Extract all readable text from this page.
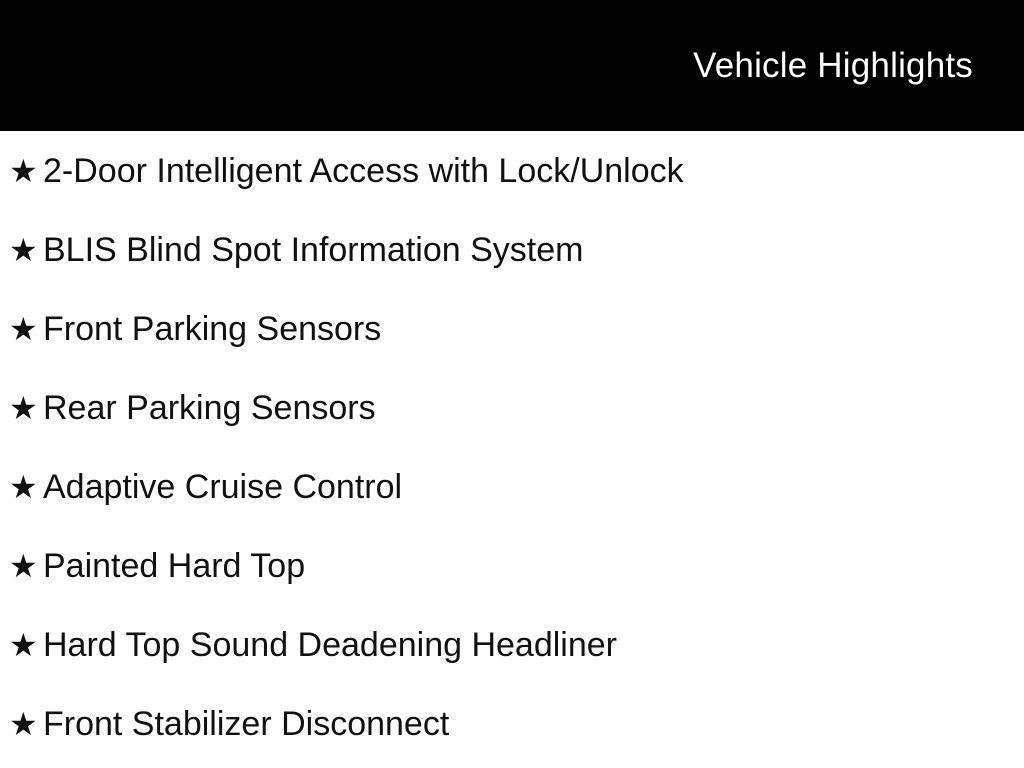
Vehicle Highlights
★ 2-Door Intelligent Access with Lock/Unlock
★ BLIS Blind Spot Information System
★ Front Parking Sensors
★ Rear Parking Sensors
★ Adaptive Cruise Control
★ Painted Hard Top
★ Hard Top Sound Deadening Headliner
★ Front Stabilizer Disconnect
